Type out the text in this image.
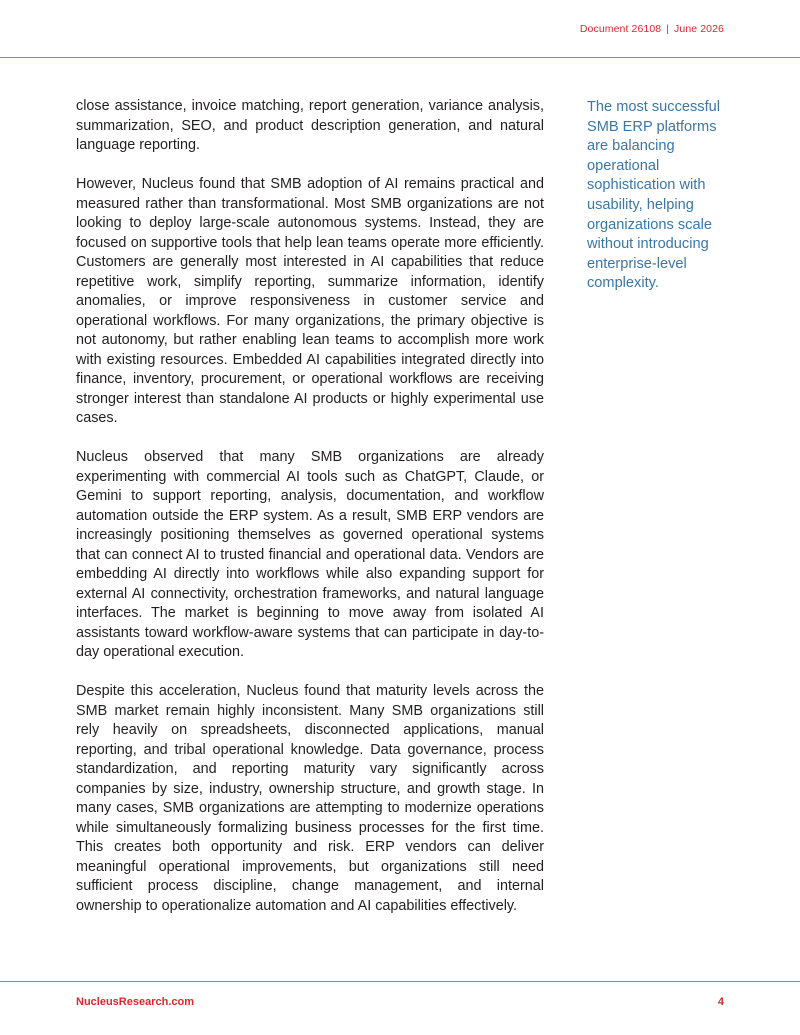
Document 26108 | June 2026

close assistance, invoice matching, report generation, variance analysis, summarization, SEO, and product description generation, and natural language reporting.

However, Nucleus found that SMB adoption of AI remains practical and measured rather than transformational. Most SMB organizations are not looking to deploy large-scale autonomous systems. Instead, they are focused on supportive tools that help lean teams operate more efficiently. Customers are generally most interested in AI capabilities that reduce repetitive work, simplify reporting, summarize information, identify anomalies, or improve responsiveness in customer service and operational workflows. For many organizations, the primary objective is not autonomy, but rather enabling lean teams to accomplish more work with existing resources. Embedded AI capabilities integrated directly into finance, inventory, procurement, or operational workflows are receiving stronger interest than standalone AI products or highly experimental use cases.

Nucleus observed that many SMB organizations are already experimenting with commercial AI tools such as ChatGPT, Claude, or Gemini to support reporting, analysis, documentation, and workflow automation outside the ERP system. As a result, SMB ERP vendors are increasingly positioning themselves as governed operational systems that can connect AI to trusted financial and operational data. Vendors are embedding AI directly into workflows while also expanding support for external AI connectivity, orchestration frameworks, and natural language interfaces. The market is beginning to move away from isolated AI assistants toward workflow-aware systems that can participate in day-to-day operational execution.

Despite this acceleration, Nucleus found that maturity levels across the SMB market remain highly inconsistent. Many SMB organizations still rely heavily on spreadsheets, disconnected applications, manual reporting, and tribal operational knowledge. Data governance, process standardization, and reporting maturity vary significantly across companies by size, industry, ownership structure, and growth stage. In many cases, SMB organizations are attempting to modernize operations while simultaneously formalizing business processes for the first time. This creates both opportunity and risk. ERP vendors can deliver meaningful operational improvements, but organizations still need sufficient process discipline, change management, and internal ownership to operationalize automation and AI capabilities effectively.

The most successful SMB ERP platforms are balancing operational sophistication with usability, helping organizations scale without introducing enterprise-level complexity.
NucleusResearch.com	4
